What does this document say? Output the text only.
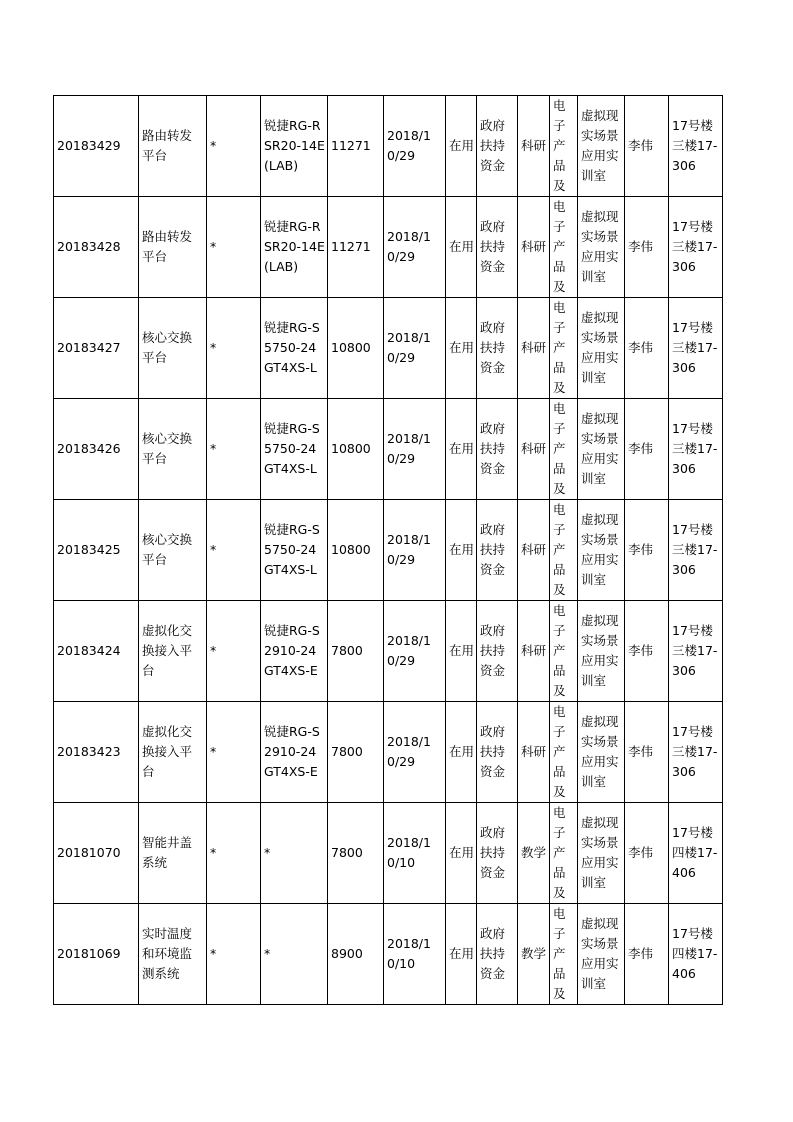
20183429	路由转发平台	*	锐捷RG-RSR20-14E(LAB)	11271	2018/10/29	在用	政府扶持资金	科研	电子产品及	虚拟现实场景应用实训室	李伟	17号楼三楼17-306
20183428	路由转发平台	*	锐捷RG-RSR20-14E(LAB)	11271	2018/10/29	在用	政府扶持资金	科研	电子产品及	虚拟现实场景应用实训室	李伟	17号楼三楼17-306
20183427	核心交换平台	*	锐捷RG-S5750-24GT4XS-L	10800	2018/10/29	在用	政府扶持资金	科研	电子产品及	虚拟现实场景应用实训室	李伟	17号楼三楼17-306
20183426	核心交换平台	*	锐捷RG-S5750-24GT4XS-L	10800	2018/10/29	在用	政府扶持资金	科研	电子产品及	虚拟现实场景应用实训室	李伟	17号楼三楼17-306
20183425	核心交换平台	*	锐捷RG-S5750-24GT4XS-L	10800	2018/10/29	在用	政府扶持资金	科研	电子产品及	虚拟现实场景应用实训室	李伟	17号楼三楼17-306
20183424	虚拟化交换接入平台	*	锐捷RG-S2910-24GT4XS-E	7800	2018/10/29	在用	政府扶持资金	科研	电子产品及	虚拟现实场景应用实训室	李伟	17号楼三楼17-306
20183423	虚拟化交换接入平台	*	锐捷RG-S2910-24GT4XS-E	7800	2018/10/29	在用	政府扶持资金	科研	电子产品及	虚拟现实场景应用实训室	李伟	17号楼三楼17-306
20181070	智能井盖系统	*	*	7800	2018/10/10	在用	政府扶持资金	教学	电子产品及	虚拟现实场景应用实训室	李伟	17号楼四楼17-406
20181069	实时温度和环境监测系统	*	*	8900	2018/10/10	在用	政府扶持资金	教学	电子产品及	虚拟现实场景应用实训室	李伟	17号楼四楼17-406
